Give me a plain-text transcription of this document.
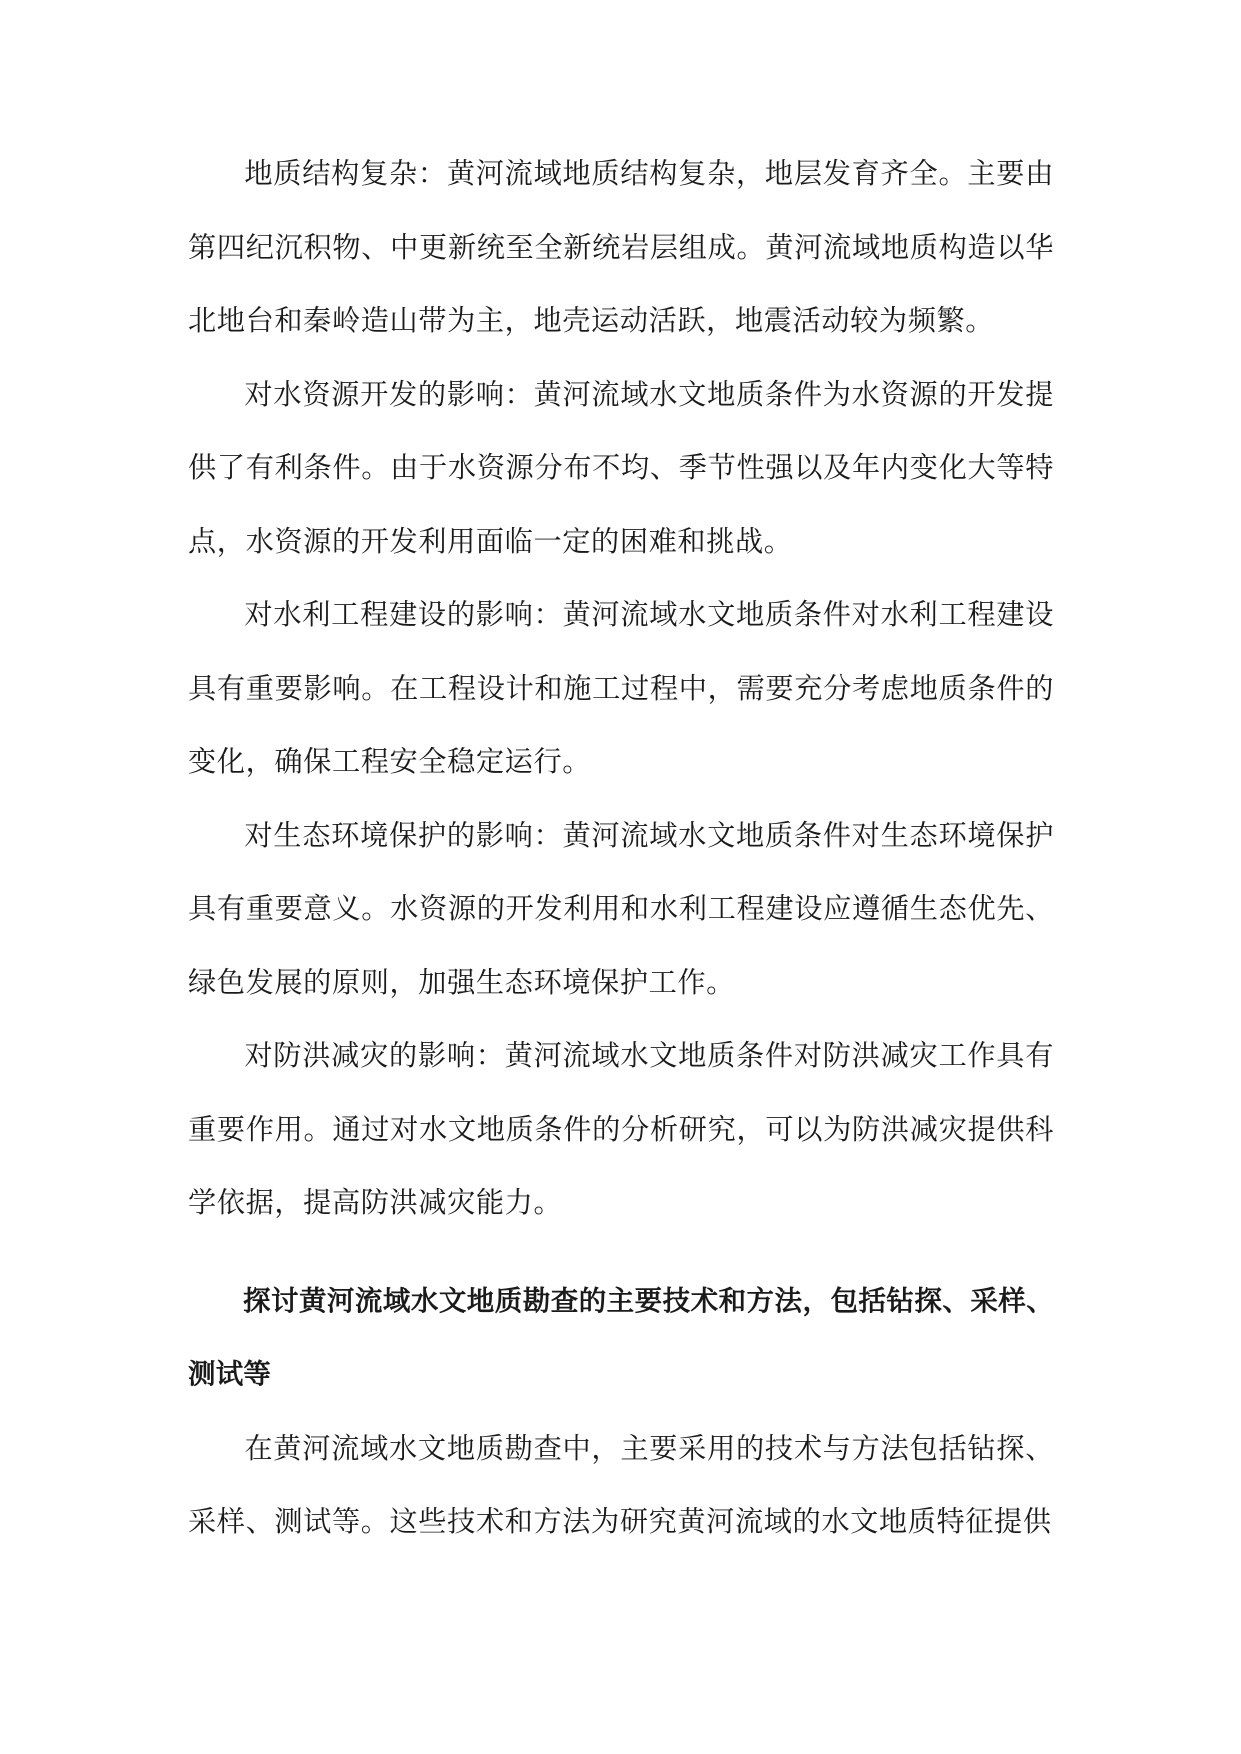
地质结构复杂：黄河流域地质结构复杂，地层发育齐全。主要由第四纪沉积物、中更新统至全新统岩层组成。黄河流域地质构造以华北地台和秦岭造山带为主，地壳运动活跃，地震活动较为频繁。

对水资源开发的影响：黄河流域水文地质条件为水资源的开发提供了有利条件。由于水资源分布不均、季节性强以及年内变化大等特点，水资源的开发利用面临一定的困难和挑战。

对水利工程建设的影响：黄河流域水文地质条件对水利工程建设具有重要影响。在工程设计和施工过程中，需要充分考虑地质条件的变化，确保工程安全稳定运行。

对生态环境保护的影响：黄河流域水文地质条件对生态环境保护具有重要意义。水资源的开发利用和水利工程建设应遵循生态优先、绿色发展的原则，加强生态环境保护工作。

对防洪减灾的影响：黄河流域水文地质条件对防洪减灾工作具有重要作用。通过对水文地质条件的分析研究，可以为防洪减灾提供科学依据，提高防洪减灾能力。

探讨黄河流域水文地质勘查的主要技术和方法，包括钻探、采样、测试等

在黄河流域水文地质勘查中，主要采用的技术与方法包括钻探、采样、测试等。这些技术和方法为研究黄河流域的水文地质特征提供
